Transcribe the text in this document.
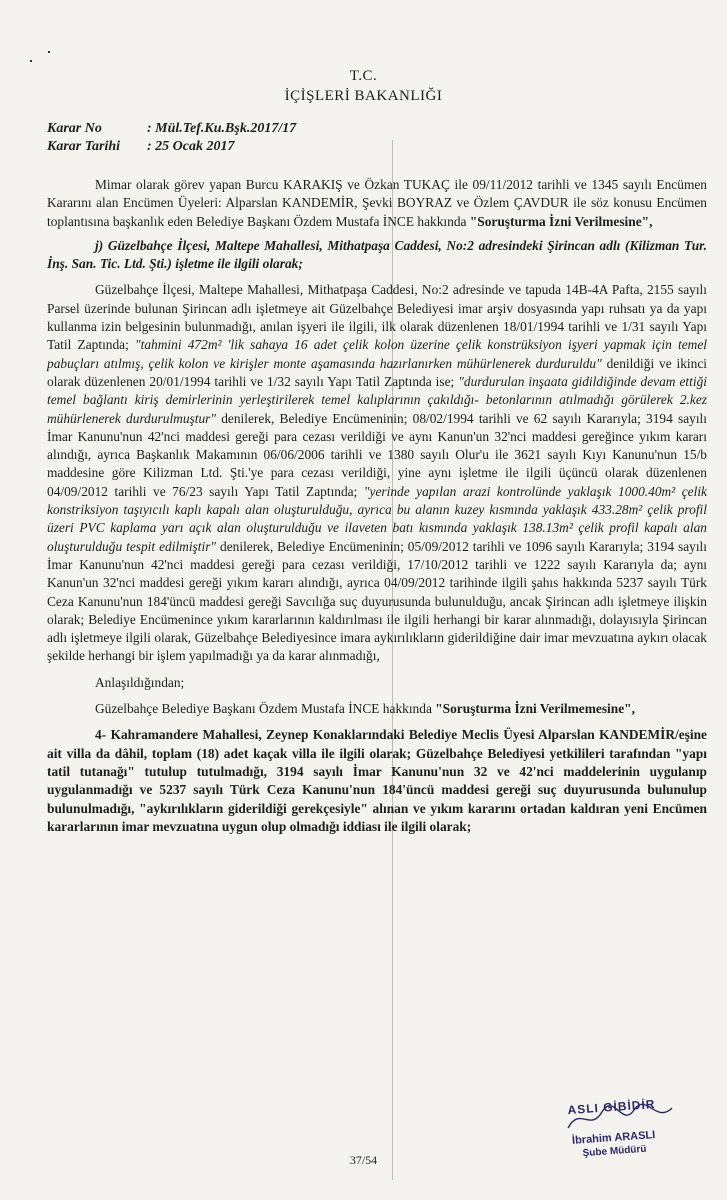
T.C.
İÇİŞLERİ BAKANLIĞI
Karar No	: Mül.Tef.Ku.Bşk.2017/17
Karar Tarihi	: 25 Ocak 2017

Mimar olarak görev yapan Burcu KARAKIŞ ve Özkan TUKAÇ ile 09/11/2012 tarihli ve 1345 sayılı Encümen Kararını alan Encümen Üyeleri: Alparslan KANDEMİR, Şevki BOYRAZ ve Özlem ÇAVDUR ile söz konusu Encümen toplantısına başkanlık eden Belediye Başkanı Özdem Mustafa İNCE hakkında "Soruşturma İzni Verilmesine",

j) Güzelbahçe İlçesi, Maltepe Mahallesi, Mithatpaşa Caddesi, No:2 adresindeki Şirincan adlı (Kilizman Tur. İnş. San. Tic. Ltd. Şti.) işletme ile ilgili olarak;

Güzelbahçe İlçesi, Maltepe Mahallesi, Mithatpaşa Caddesi, No:2 adresinde ve tapuda 14B-4A Pafta, 2155 sayılı Parsel üzerinde bulunan Şirincan adlı işletmeye ait Güzelbahçe Belediyesi imar arşiv dosyasında yapı ruhsatı ya da yapı kullanma izin belgesinin bulunmadığı, anılan işyeri ile ilgili, ilk olarak düzenlenen 18/01/1994 tarihli ve 1/31 sayılı Yapı Tatil Zaptında; "tahmini 472m² 'lik sahaya 16 adet çelik kolon üzerine çelik konstrüksiyon işyeri yapmak için temel pabuçları atılmış, çelik kolon ve kirişler monte aşamasında hazırlanırken mühürlenerek durduruldu" denildiği ve ikinci olarak düzenlenen 20/01/1994 tarihli ve 1/32 sayılı Yapı Tatil Zaptında ise; "durdurulan inşaata gidildiğinde devam ettiği temel bağlantı kiriş demirlerinin yerleştirilerek temel kalıplarının çakıldığı- betonlarının atılmadığı görülerek 2.kez mühürlenerek durdurulmuştur" denilerek, Belediye Encümeninin; 08/02/1994 tarihli ve 62 sayılı Kararıyla; 3194 sayılı İmar Kanunu'nun 42'nci maddesi gereği para cezası verildiği ve aynı Kanun'un 32'nci maddesi gereğince yıkım kararı alındığı, ayrıca Başkanlık Makamının 06/06/2006 tarihli ve 1380 sayılı Olur'u ile 3621 sayılı Kıyı Kanunu'nun 15/b maddesine göre Kilizman Ltd. Şti.'ye para cezası verildiği, yine aynı işletme ile ilgili üçüncü olarak düzenlenen 04/09/2012 tarihli ve 76/23 sayılı Yapı Tatil Zaptında; "yerinde yapılan arazi kontrolünde yaklaşık 1000.40m² çelik konstriksiyon taşıyıcılı kaplı kapalı alan oluşturulduğu, ayrıca bu alanın kuzey kısmında yaklaşık 433.28m² çelik profil üzeri PVC kaplama yarı açık alan oluşturulduğu ve ilaveten batı kısmında yaklaşık 138.13m² çelik profil kapalı alan oluşturulduğu tespit edilmiştir" denilerek, Belediye Encümeninin; 05/09/2012 tarihli ve 1096 sayılı Kararıyla; 3194 sayılı İmar Kanunu'nun 42'nci maddesi gereği para cezası verildiği, 17/10/2012 tarihli ve 1222 sayılı Kararıyla da; aynı Kanun'un 32'nci maddesi gereği yıkım kararı alındığı, ayrıca 04/09/2012 tarihinde ilgili şahıs hakkında 5237 sayılı Türk Ceza Kanunu'nun 184'üncü maddesi gereği Savcılığa suç duyurusunda bulunulduğu, ancak Şirincan adlı işletmeye ilişkin olarak; Belediye Encümenince yıkım kararlarının kaldırılması ile ilgili herhangi bir karar alınmadığı, dolayısıyla Şirincan adlı işletmeye ilgili olarak, Güzelbahçe Belediyesince imara aykırılıkların giderildiğine dair imar mevzuatına aykırı olacak şekilde herhangi bir işlem yapılmadığı ya da karar alınmadığı,

Anlaşıldığından;

Güzelbahçe Belediye Başkanı Özdem Mustafa İNCE hakkında "Soruşturma İzni Verilmemesine",

4- Kahramandere Mahallesi, Zeynep Konaklarındaki Belediye Meclis Üyesi Alparslan KANDEMİR/eşine ait villa da dâhil, toplam (18) adet kaçak villa ile ilgili olarak; Güzelbahçe Belediyesi yetkilileri tarafından "yapı tatil tutanağı" tutulup tutulmadığı, 3194 sayılı İmar Kanunu'nun 32 ve 42'nci maddelerinin uygulanıp uygulanmadığı ve 5237 sayılı Türk Ceza Kanunu'nun 184'üncü maddesi gereği suç duyurusunda bulunulup bulunulmadığı, "aykırılıkların giderildiği gerekçesiyle" alınan ve yıkım kararını ortadan kaldıran yeni Encümen kararlarının imar mevzuatına uygun olup olmadığı iddiası ile ilgili olarak;

ASLI GİBİDİR
İbrahim ARASLI
Şube Müdürü
37/54
